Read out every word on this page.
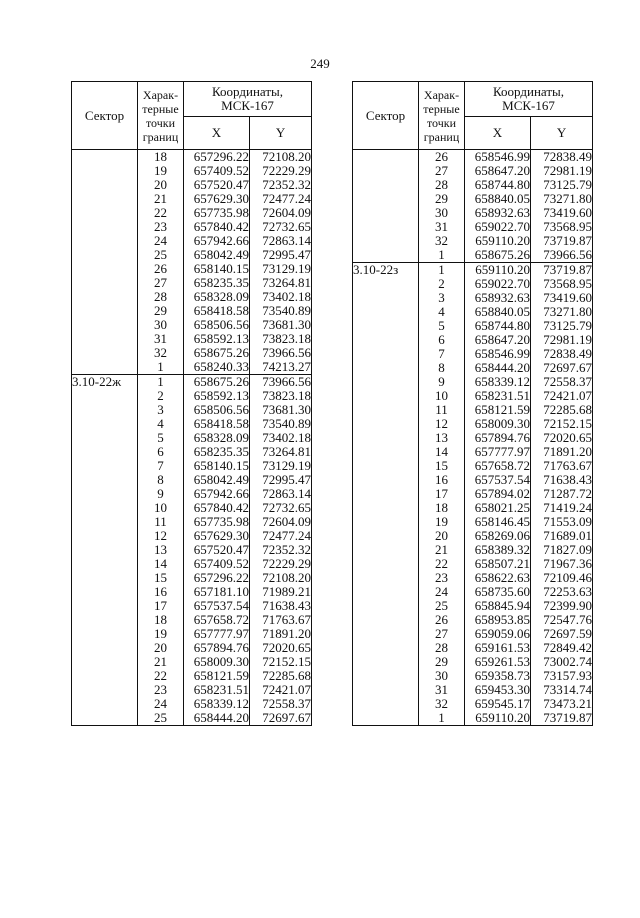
249
Сектор	Харак-
терные
точки
границ	Координаты,
МСК-167	
		X	Y
	18	657296.22	72108.20
	19	657409.52	72229.29
	20	657520.47	72352.32
	21	657629.30	72477.24
	22	657735.98	72604.09
	23	657840.42	72732.65
	24	657942.66	72863.14
	25	658042.49	72995.47
	26	658140.15	73129.19
	27	658235.35	73264.81
	28	658328.09	73402.18
	29	658418.58	73540.89
	30	658506.56	73681.30
	31	658592.13	73823.18
	32	658675.26	73966.56
	1	658240.33	74213.27
3.10-22ж	1	658675.26	73966.56
	2	658592.13	73823.18
	3	658506.56	73681.30
	4	658418.58	73540.89
	5	658328.09	73402.18
	6	658235.35	73264.81
	7	658140.15	73129.19
	8	658042.49	72995.47
	9	657942.66	72863.14
	10	657840.42	72732.65
	11	657735.98	72604.09
	12	657629.30	72477.24
	13	657520.47	72352.32
	14	657409.52	72229.29
	15	657296.22	72108.20
	16	657181.10	71989.21
	17	657537.54	71638.43
	18	657658.72	71763.67
	19	657777.97	71891.20
	20	657894.76	72020.65
	21	658009.30	72152.15
	22	658121.59	72285.68
	23	658231.51	72421.07
	24	658339.12	72558.37
	25	658444.20	72697.67
Сектор	Харак-
терные
точки
границ	Координаты,
МСК-167	
		X	Y
	26	658546.99	72838.49
	27	658647.20	72981.19
	28	658744.80	73125.79
	29	658840.05	73271.80
	30	658932.63	73419.60
	31	659022.70	73568.95
	32	659110.20	73719.87
	1	658675.26	73966.56
3.10-22з	1	659110.20	73719.87
	2	659022.70	73568.95
	3	658932.63	73419.60
	4	658840.05	73271.80
	5	658744.80	73125.79
	6	658647.20	72981.19
	7	658546.99	72838.49
	8	658444.20	72697.67
	9	658339.12	72558.37
	10	658231.51	72421.07
	11	658121.59	72285.68
	12	658009.30	72152.15
	13	657894.76	72020.65
	14	657777.97	71891.20
	15	657658.72	71763.67
	16	657537.54	71638.43
	17	657894.02	71287.72
	18	658021.25	71419.24
	19	658146.45	71553.09
	20	658269.06	71689.01
	21	658389.32	71827.09
	22	658507.21	71967.36
	23	658622.63	72109.46
	24	658735.60	72253.63
	25	658845.94	72399.90
	26	658953.85	72547.76
	27	659059.06	72697.59
	28	659161.53	72849.42
	29	659261.53	73002.74
	30	659358.73	73157.93
	31	659453.30	73314.74
	32	659545.17	73473.21
	1	659110.20	73719.87
